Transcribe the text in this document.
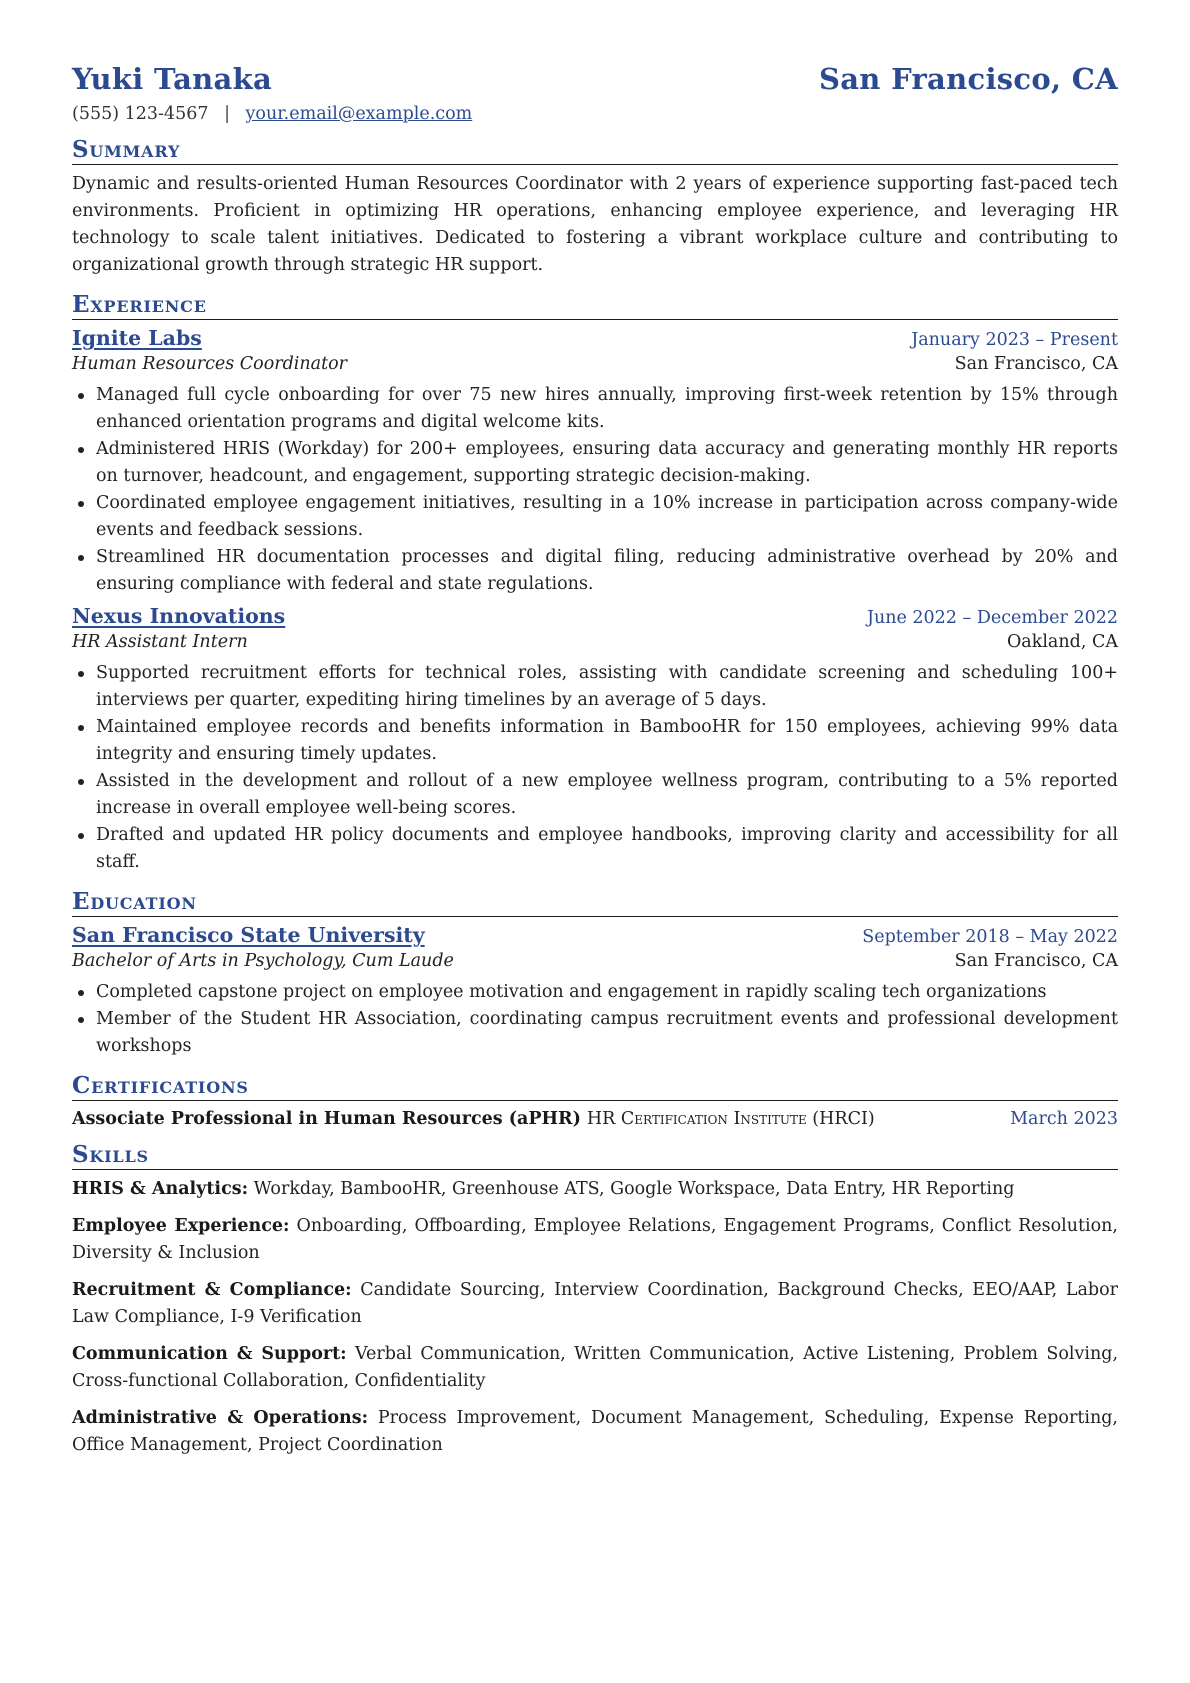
Yuki Tanaka	San Francisco, CA
(555) 123-4567 | your.email@example.com
Summary
Dynamic and results-oriented Human Resources Coordinator with 2 years of experience supporting fast-paced tech environments. Proficient in optimizing HR operations, enhancing employee experience, and leveraging HR technology to scale talent initiatives. Dedicated to fostering a vibrant workplace culture and contributing to organizational growth through strategic HR support.
Experience
Ignite Labs	January 2023 – Present
Human Resources Coordinator	San Francisco, CA
Managed full cycle onboarding for over 75 new hires annually, improving first-week retention by 15% through enhanced orientation programs and digital welcome kits.
Administered HRIS (Workday) for 200+ employees, ensuring data accuracy and generating monthly HR reports on turnover, headcount, and engagement, supporting strategic decision-making.
Coordinated employee engagement initiatives, resulting in a 10% increase in participation across company-wide events and feedback sessions.
Streamlined HR documentation processes and digital filing, reducing administrative overhead by 20% and ensuring compliance with federal and state regulations.
Nexus Innovations	June 2022 – December 2022
HR Assistant Intern	Oakland, CA
Supported recruitment efforts for technical roles, assisting with candidate screening and scheduling 100+ interviews per quarter, expediting hiring timelines by an average of 5 days.
Maintained employee records and benefits information in BambooHR for 150 employees, achieving 99% data integrity and ensuring timely updates.
Assisted in the development and rollout of a new employee wellness program, contributing to a 5% reported increase in overall employee well-being scores.
Drafted and updated HR policy documents and employee handbooks, improving clarity and accessibility for all staff.
Education
San Francisco State University	September 2018 – May 2022
Bachelor of Arts in Psychology, Cum Laude	San Francisco, CA
Completed capstone project on employee motivation and engagement in rapidly scaling tech organizations
Member of the Student HR Association, coordinating campus recruitment events and professional development workshops
Certifications
Associate Professional in Human Resources (aPHR) HR Certification Institute (HRCI)	March 2023
Skills
HRIS & Analytics: Workday, BambooHR, Greenhouse ATS, Google Workspace, Data Entry, HR Reporting
Employee Experience: Onboarding, Offboarding, Employee Relations, Engagement Programs, Conflict Resolution, Diversity & Inclusion
Recruitment & Compliance: Candidate Sourcing, Interview Coordination, Background Checks, EEO/AAP, Labor Law Compliance, I-9 Verification
Communication & Support: Verbal Communication, Written Communication, Active Listening, Problem Solving, Cross-functional Collaboration, Confidentiality
Administrative & Operations: Process Improvement, Document Management, Scheduling, Expense Reporting, Office Management, Project Coordination
